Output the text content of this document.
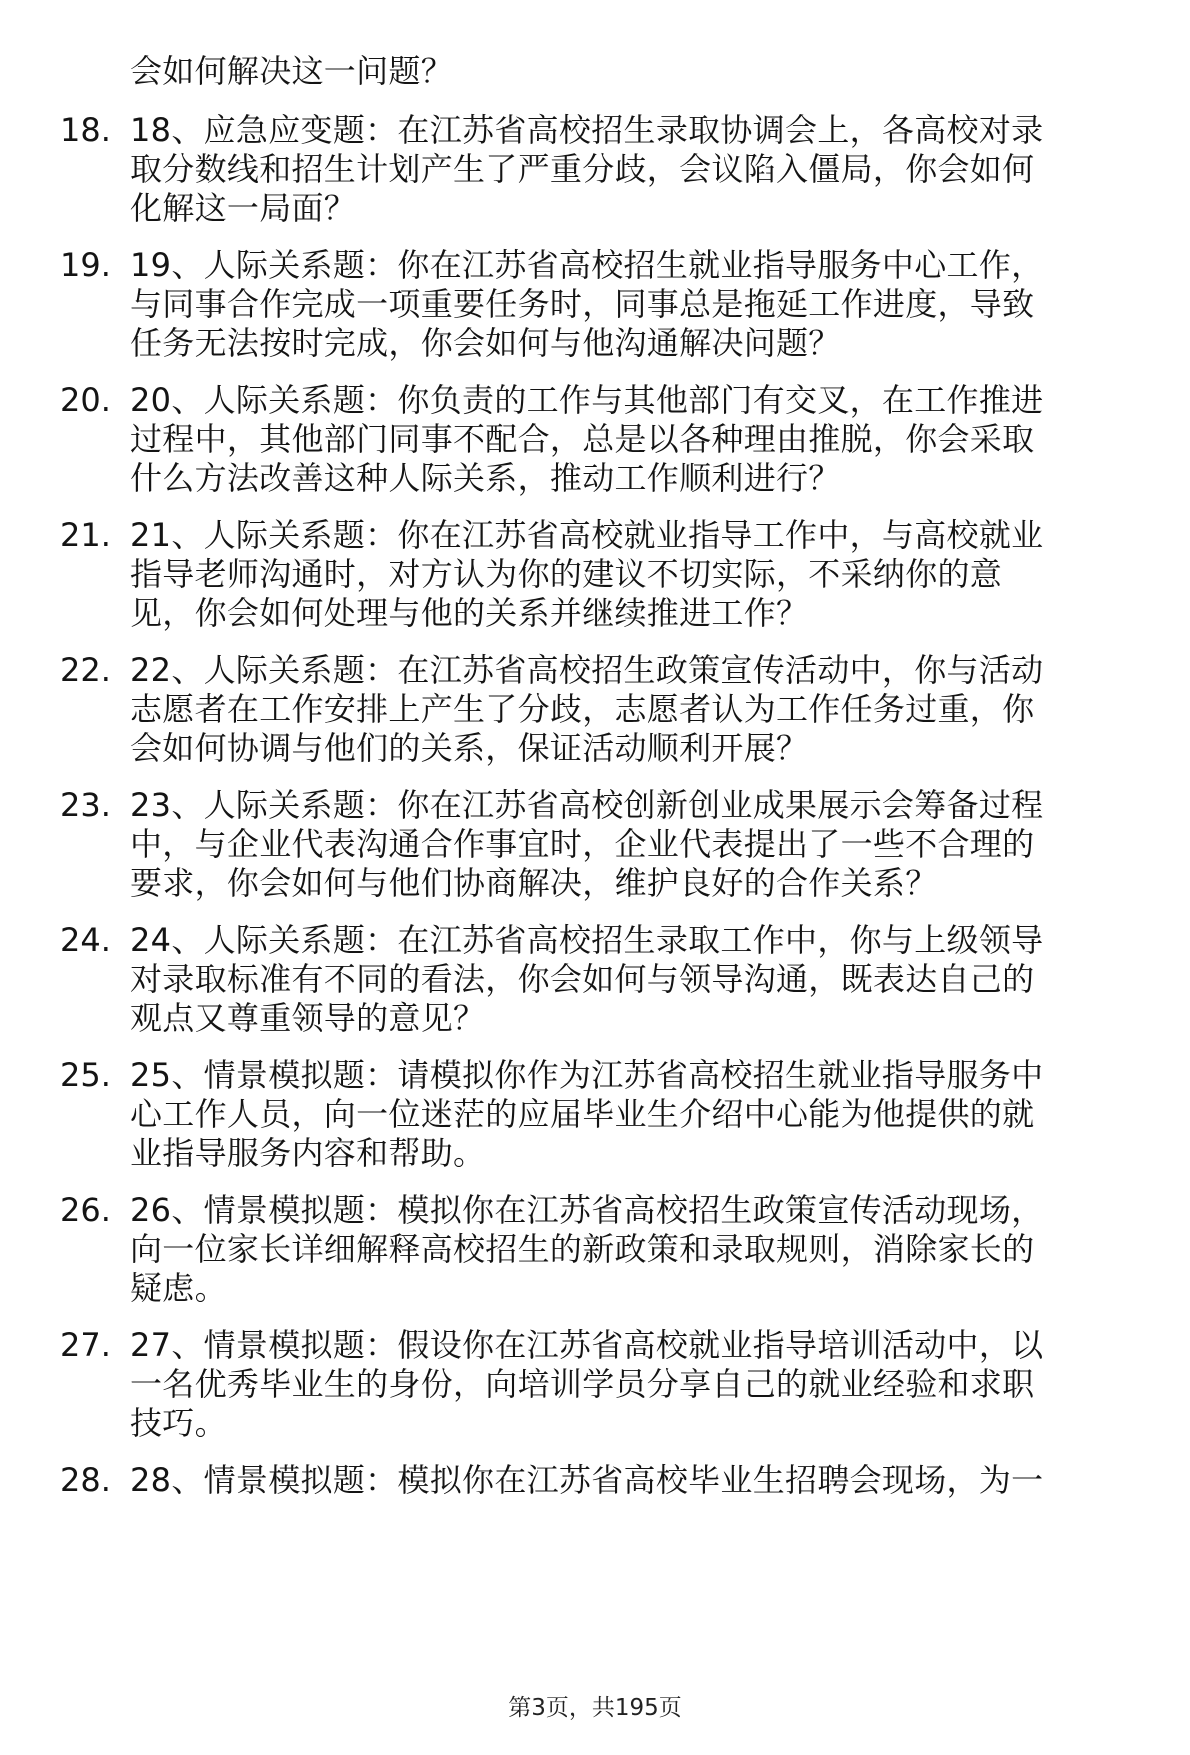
会如何解决这一问题？
18. 18、应急应变题：在江苏省高校招生录取协调会上，各高校对录
取分数线和招生计划产生了严重分歧，会议陷入僵局，你会如何
化解这一局面？
19. 19、人际关系题：你在江苏省高校招生就业指导服务中心工作，
与同事合作完成一项重要任务时，同事总是拖延工作进度，导致
任务无法按时完成，你会如何与他沟通解决问题？
20. 20、人际关系题：你负责的工作与其他部门有交叉，在工作推进
过程中，其他部门同事不配合，总是以各种理由推脱，你会采取
什么方法改善这种人际关系，推动工作顺利进行？
21. 21、人际关系题：你在江苏省高校就业指导工作中，与高校就业
指导老师沟通时，对方认为你的建议不切实际，不采纳你的意
见，你会如何处理与他的关系并继续推进工作？
22. 22、人际关系题：在江苏省高校招生政策宣传活动中，你与活动
志愿者在工作安排上产生了分歧，志愿者认为工作任务过重，你
会如何协调与他们的关系，保证活动顺利开展？
23. 23、人际关系题：你在江苏省高校创新创业成果展示会筹备过程
中，与企业代表沟通合作事宜时，企业代表提出了一些不合理的
要求，你会如何与他们协商解决，维护良好的合作关系？
24. 24、人际关系题：在江苏省高校招生录取工作中，你与上级领导
对录取标准有不同的看法，你会如何与领导沟通，既表达自己的
观点又尊重领导的意见？
25. 25、情景模拟题：请模拟你作为江苏省高校招生就业指导服务中
心工作人员，向一位迷茫的应届毕业生介绍中心能为他提供的就
业指导服务内容和帮助。
26. 26、情景模拟题：模拟你在江苏省高校招生政策宣传活动现场，
向一位家长详细解释高校招生的新政策和录取规则，消除家长的
疑虑。
27. 27、情景模拟题：假设你在江苏省高校就业指导培训活动中，以
一名优秀毕业生的身份，向培训学员分享自己的就业经验和求职
技巧。
28. 28、情景模拟题：模拟你在江苏省高校毕业生招聘会现场，为一
第3页，共195页
